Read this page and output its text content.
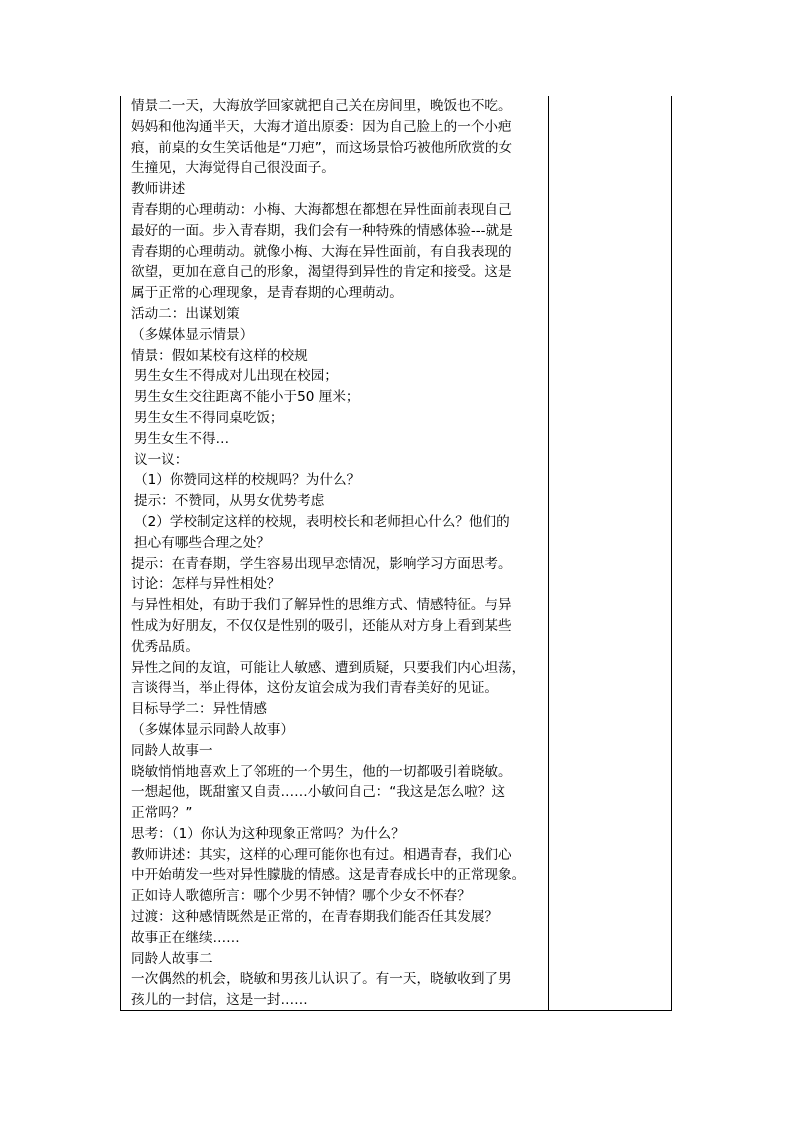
情景二一天，大海放学回家就把自己关在房间里，晚饭也不吃。
妈妈和他沟通半天，大海才道出原委：因为自己脸上的一个小疤
痕，前桌的女生笑话他是“刀疤”，而这场景恰巧被他所欣赏的女
生撞见，大海觉得自己很没面子。
教师讲述
青春期的心理萌动：小梅、大海都想在都想在异性面前表现自己
最好的一面。步入青春期，我们会有一种特殊的情感体验---就是
青春期的心理萌动。就像小梅、大海在异性面前，有自我表现的
欲望，更加在意自己的形象，渴望得到异性的肯定和接受。这是
属于正常的心理现象，是青春期的心理萌动。
活动二：出谋划策
（多媒体显示情景）
情景：假如某校有这样的校规
男生女生不得成对儿出现在校园；
男生女生交往距离不能小于50 厘米；
男生女生不得同桌吃饭；
男生女生不得…
议一议：
（1）你赞同这样的校规吗？为什么？
提示：不赞同，从男女优势考虑
（2）学校制定这样的校规，表明校长和老师担心什么？他们的
担心有哪些合理之处？
提示：在青春期，学生容易出现早恋情况，影响学习方面思考。
讨论：怎样与异性相处？
与异性相处，有助于我们了解异性的思维方式、情感特征。与异
性成为好朋友，不仅仅是性别的吸引，还能从对方身上看到某些
优秀品质。
异性之间的友谊，可能让人敏感、遭到质疑，只要我们内心坦荡，
言谈得当，举止得体，这份友谊会成为我们青春美好的见证。
目标导学二：异性情感
（多媒体显示同龄人故事）
同龄人故事一
晓敏悄悄地喜欢上了邻班的一个男生，他的一切都吸引着晓敏。
一想起他，既甜蜜又自责……小敏问自己：“我这是怎么啦？这
正常吗？”
思考：（1）你认为这种现象正常吗？为什么？
教师讲述：其实，这样的心理可能你也有过。相遇青春，我们心
中开始萌发一些对异性朦胧的情感。这是青春成长中的正常现象。
正如诗人歌德所言：哪个少男不钟情？哪个少女不怀春？
过渡：这种感情既然是正常的，在青春期我们能否任其发展？
故事正在继续……
同龄人故事二
一次偶然的机会，晓敏和男孩儿认识了。有一天，晓敏收到了男
孩儿的一封信，这是一封……
